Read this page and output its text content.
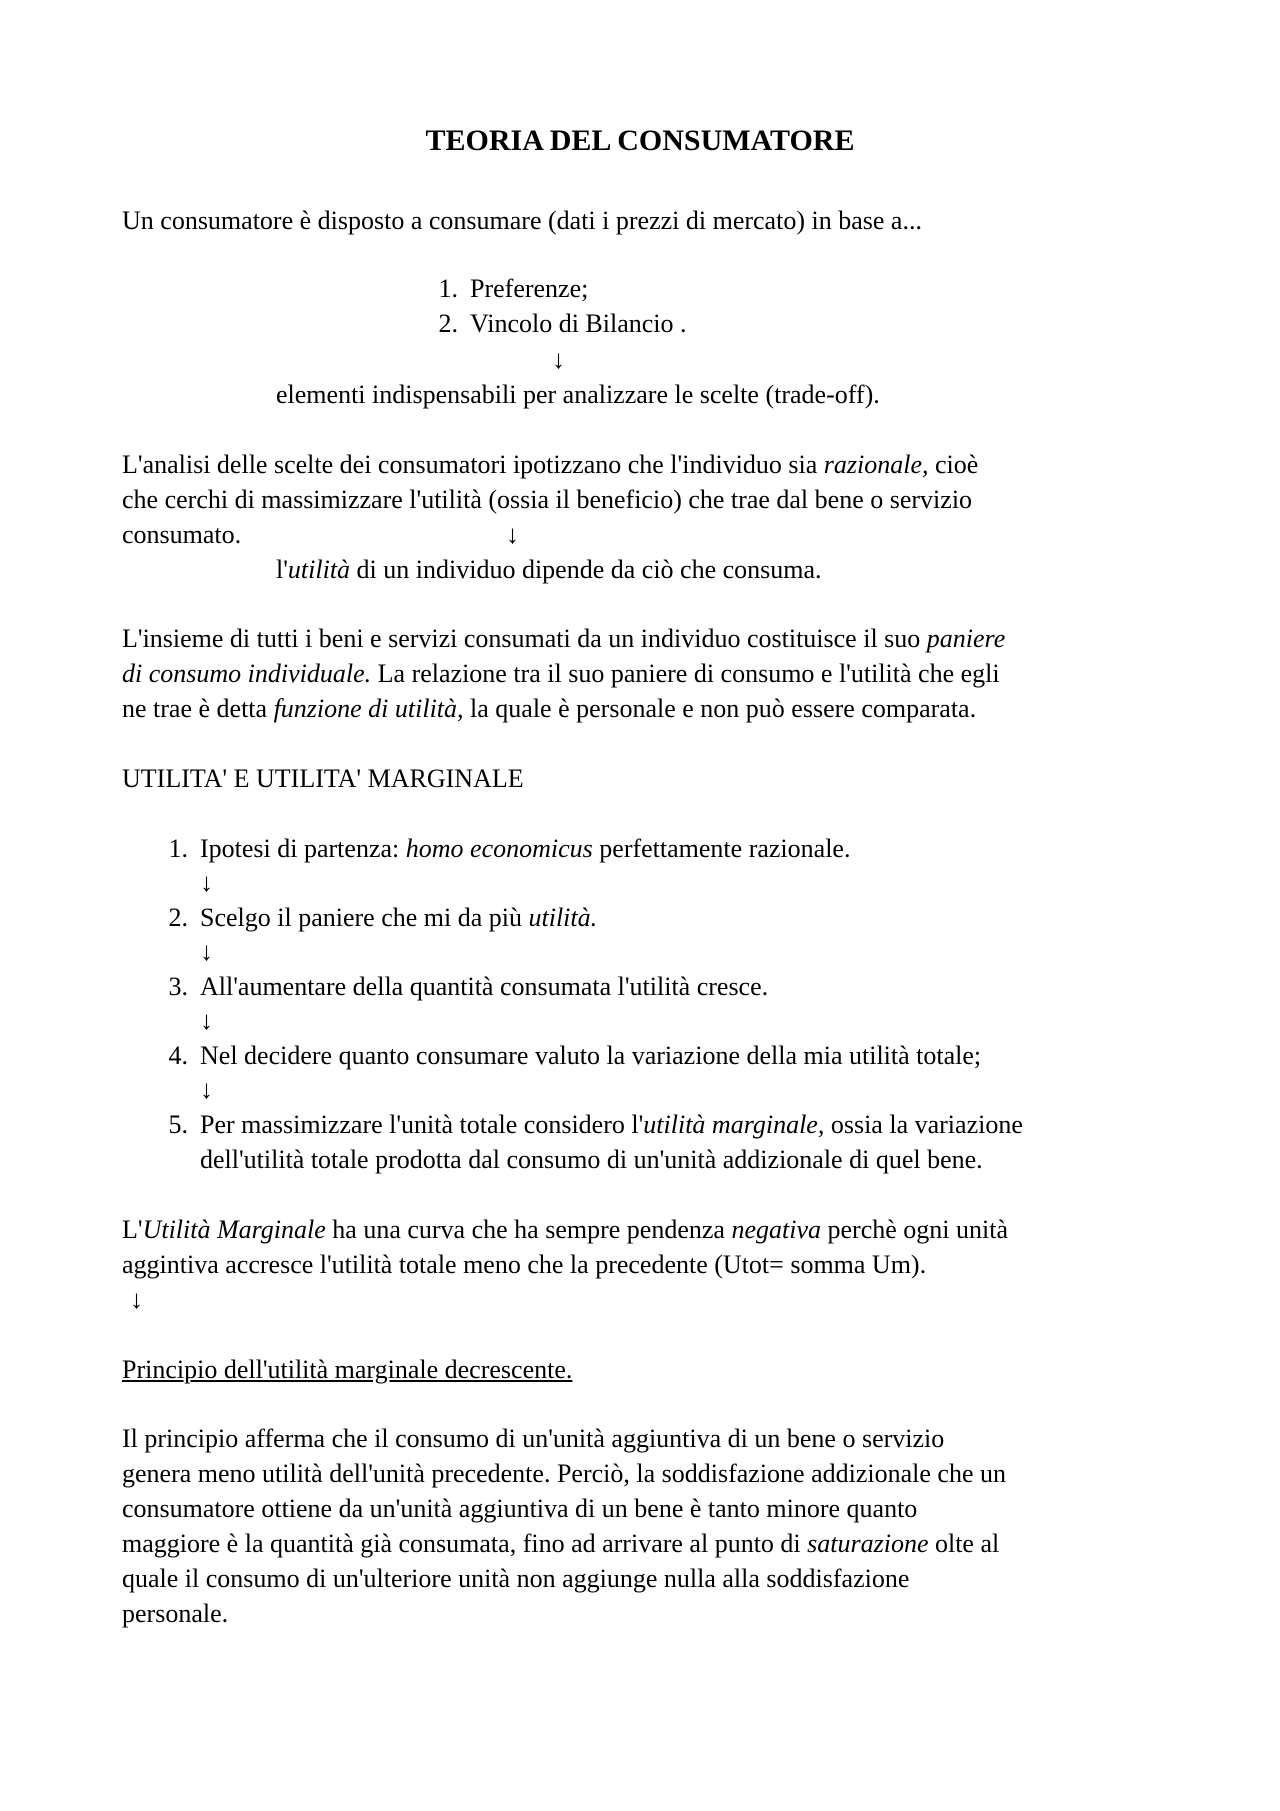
TEORIA DEL CONSUMATORE
Un consumatore è disposto a consumare (dati i prezzi di mercato) in base a...
1. Preferenze;
2. Vincolo di Bilancio .
↓
elementi indispensabili per analizzare le scelte (trade-off).
L'analisi delle scelte dei consumatori ipotizzano che l'individuo sia razionale, cioè
che cerchi di massimizzare l'utilità (ossia il beneficio) che trae dal bene o servizio
consumato.	↓
l'utilità di un individuo dipende da ciò che consuma.
L'insieme di tutti i beni e servizi consumati da un individuo costituisce il suo paniere
di consumo individuale. La relazione tra il suo paniere di consumo e l'utilità che egli
ne trae è detta funzione di utilità, la quale è personale e non può essere comparata.
UTILITA' E UTILITA' MARGINALE
1. Ipotesi di partenza: homo economicus perfettamente razionale.
↓
2. Scelgo il paniere che mi da più utilità.
↓
3. All'aumentare della quantità consumata l'utilità cresce.
↓
4. Nel decidere quanto consumare valuto la variazione della mia utilità totale;
↓
5. Per massimizzare l'unità totale considero l'utilità marginale, ossia la variazione
dell'utilità totale prodotta dal consumo di un'unità addizionale di quel bene.
L'Utilità Marginale ha una curva che ha sempre pendenza negativa perchè ogni unità
aggintiva accresce l'utilità totale meno che la precedente (Utot= somma Um).
↓
Principio dell'utilità marginale decrescente.
Il principio afferma che il consumo di un'unità aggiuntiva di un bene o servizio
genera meno utilità dell'unità precedente. Perciò, la soddisfazione addizionale che un
consumatore ottiene da un'unità aggiuntiva di un bene è tanto minore quanto
maggiore è la quantità già consumata, fino ad arrivare al punto di saturazione olte al
quale il consumo di un'ulteriore unità non aggiunge nulla alla soddisfazione
personale.
